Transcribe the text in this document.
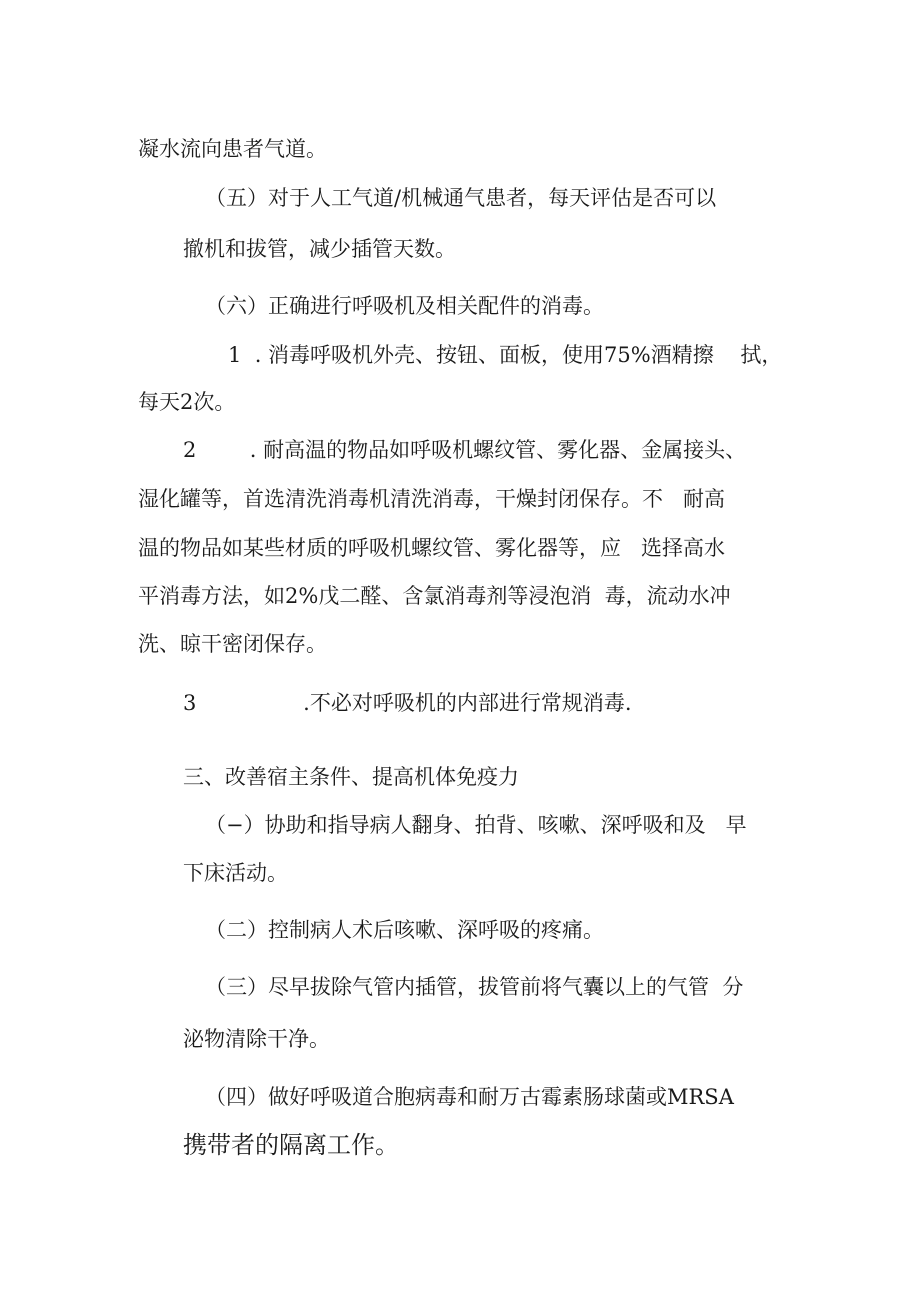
凝水流向患者气道。
（五）对于人工气道/机械通气患者，每天评估是否可以
撤机和拔管，减少插管天数。
（六）正确进行呼吸机及相关配件的消毒。
1  . 消毒呼吸机外壳、按钮、面板，使用75%酒精擦    拭，
每天2次。
2        . 耐高温的物品如呼吸机螺纹管、雾化器、金属接头、
湿化罐等，首选清洗消毒机清洗消毒，干燥封闭保存。不   耐高
温的物品如某些材质的呼吸机螺纹管、雾化器等，应   选择高水
平消毒方法，如2%戊二醛、含氯消毒剂等浸泡消  毒，流动水冲
洗、晾干密闭保存。
3                .不必对呼吸机的内部进行常规消毒.
三、改善宿主条件、提高机体免疫力
（−）协助和指导病人翻身、拍背、咳嗽、深呼吸和及   早
下床活动。
（二）控制病人术后咳嗽、深呼吸的疼痛。
（三）尽早拔除气管内插管，拔管前将气囊以上的气管  分
泌物清除干净。
（四）做好呼吸道合胞病毒和耐万古霉素肠球菌或MRSA
携带者的隔离工作。
